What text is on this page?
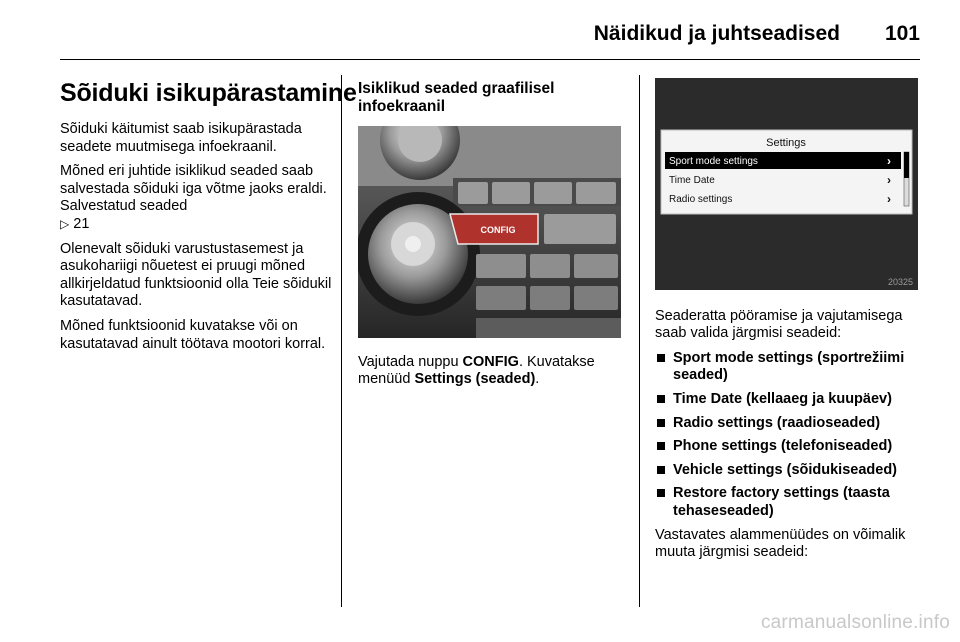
Näidikud ja juhtseadised 101
Sõiduki isikupärastamine

Sõiduki käitumist saab isikupärastada seadete muutmisega infoekraanil.

Mõned eri juhtide isiklikud seaded saab salvestada sõiduki iga võtme jaoks eraldi. Salvestatud seaded
▷ 21

Olenevalt sõiduki varustustasemest ja asukohariigi nõuetest ei pruugi mõned allkirjeldatud funktsioonid olla Teie sõidukil kasutatavad.

Mõned funktsioonid kuvatakse või on kasutatavad ainult töötava mootori korral.

Isiklikud seaded graafilisel infoekraanil
CONFIG

Vajutada nuppu CONFIG. Kuvatakse menüüd Settings (seaded).

Settings
Sport mode settings
Time Date
Radio settings
›
›
›
20325

Seaderatta pööramise ja vajutamisega saab valida järgmisi seadeid:

Sport mode settings (sportrežiimi seaded)
Time Date (kellaaeg ja kuupäev)
Radio settings (raadioseaded)
Phone settings (telefoniseaded)
Vehicle settings (sõidukiseaded)
Restore factory settings (taasta tehaseseaded)

Vastavates alammenüüdes on võimalik muuta järgmisi seadeid:

carmanualsonline.info
